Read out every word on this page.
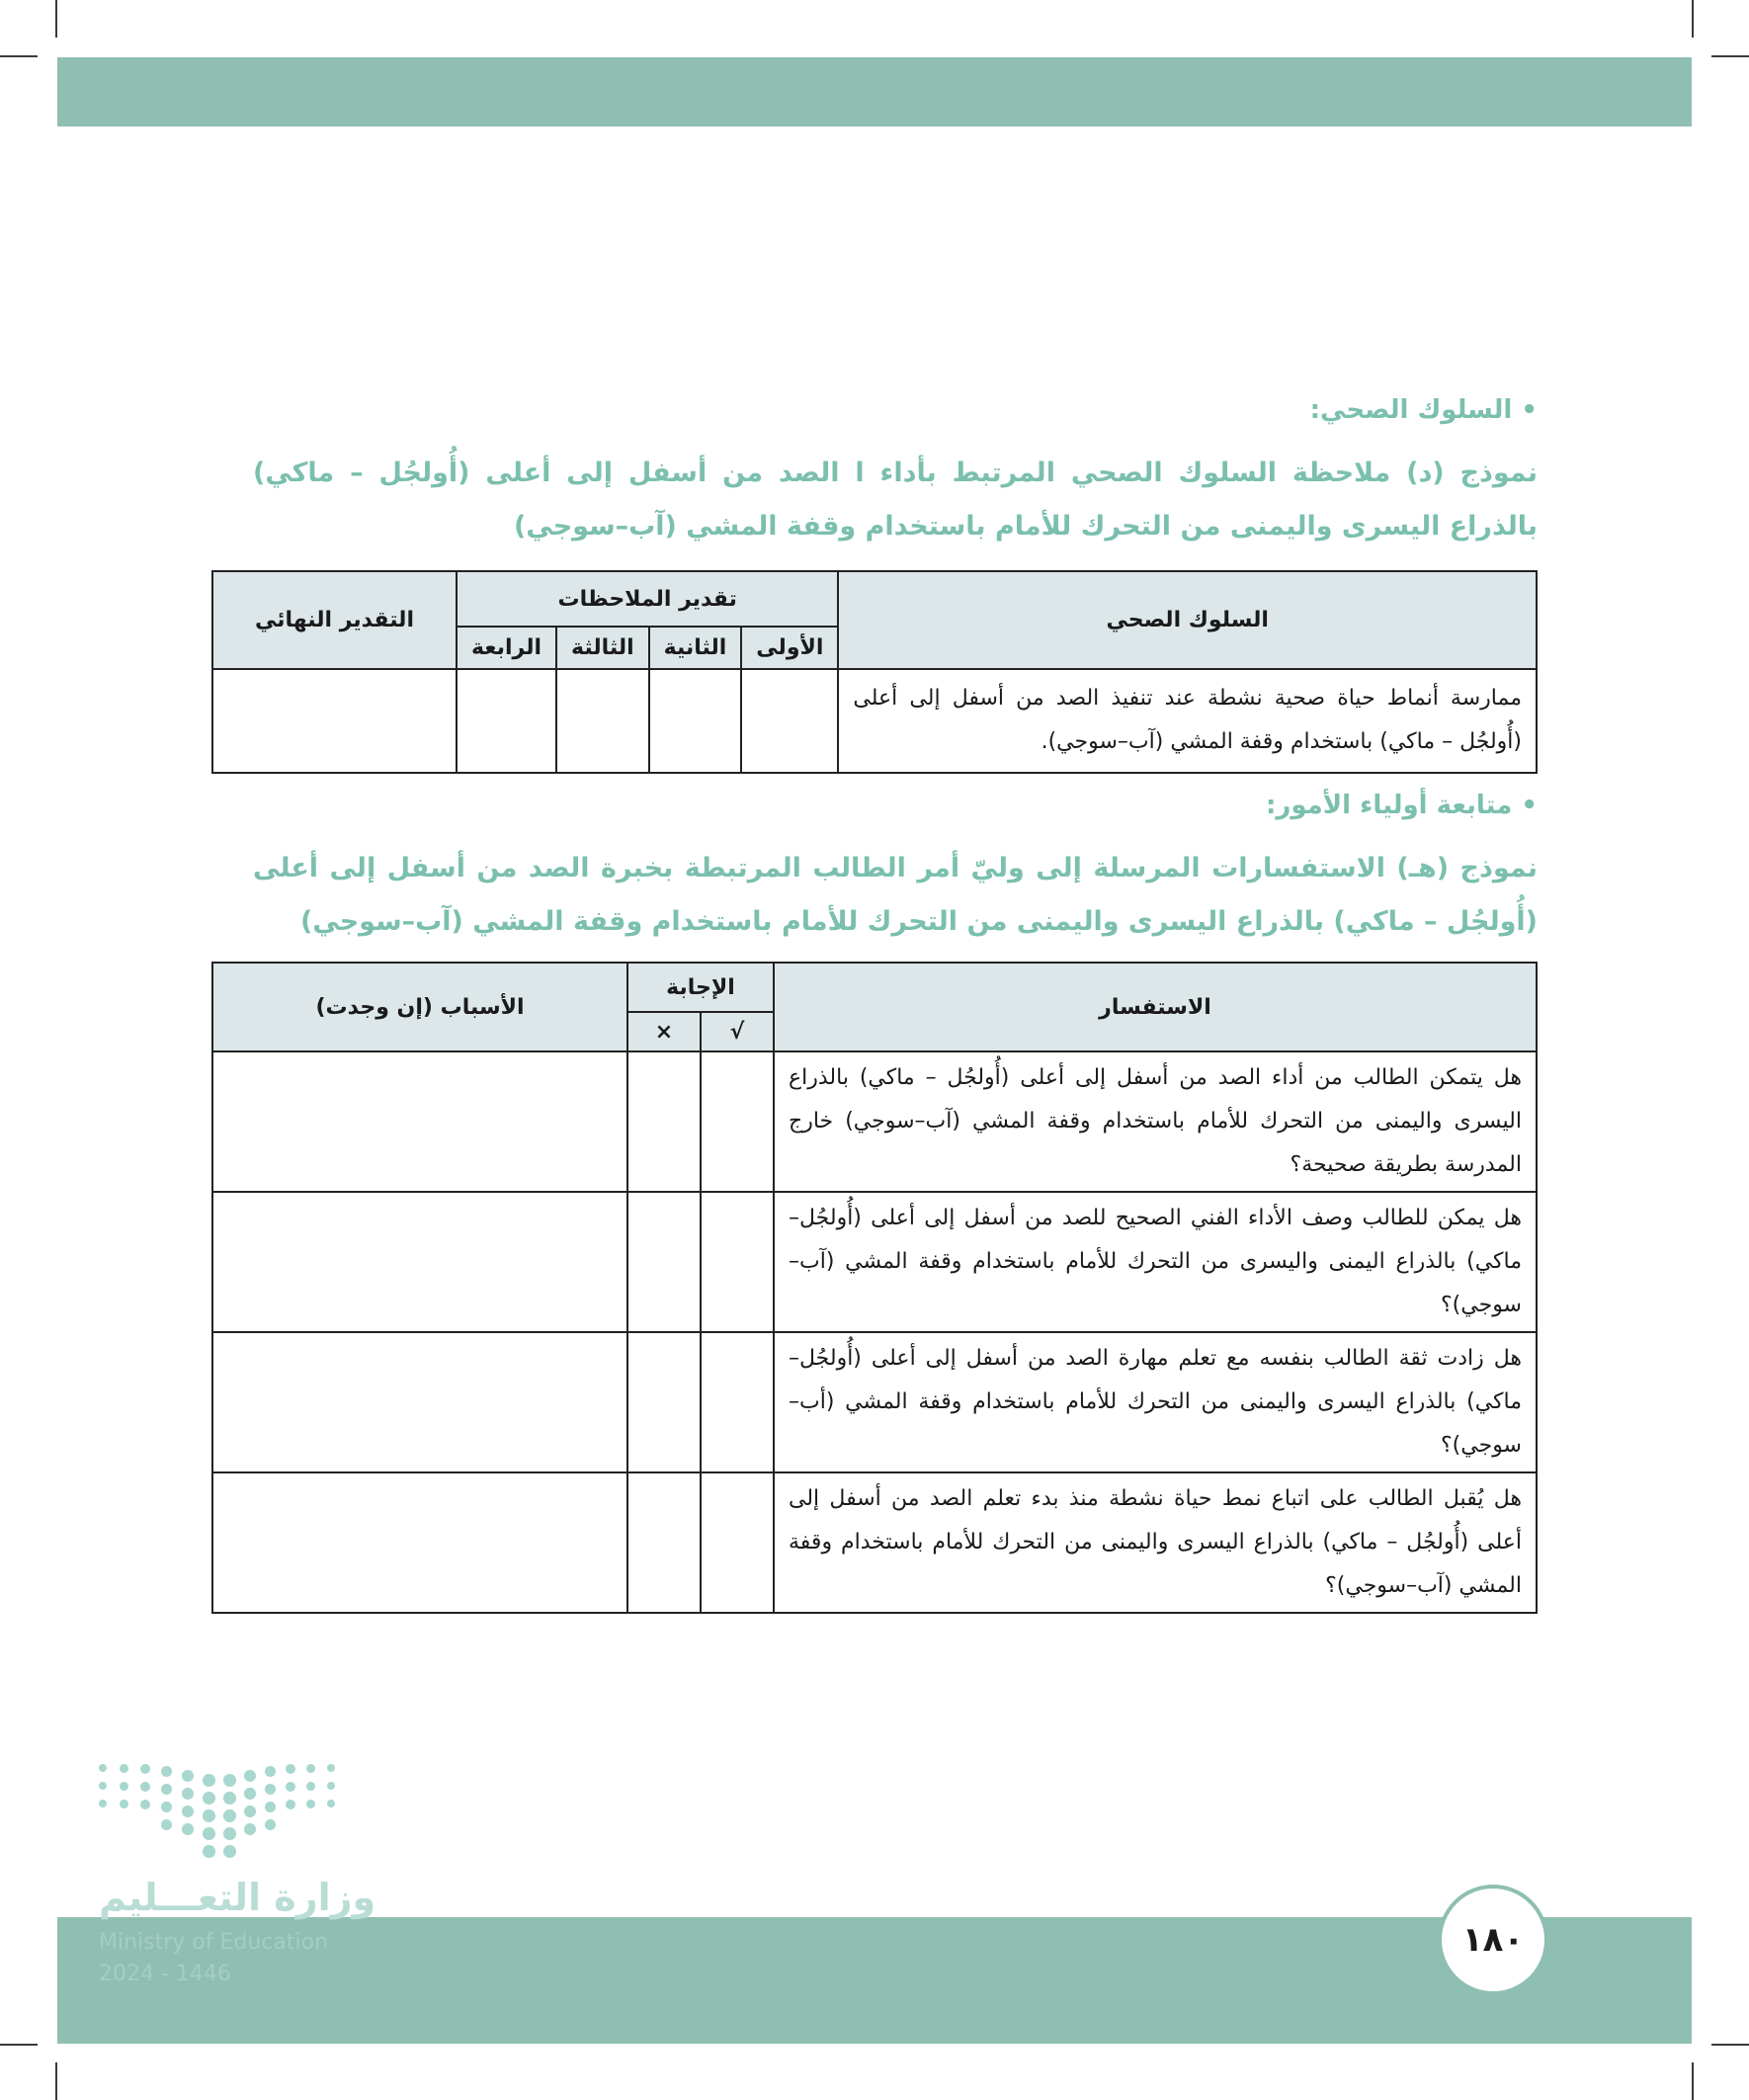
• السلوك الصحي:
نموذج (د) ملاحظة السلوك الصحي المرتبط بأداء ا الصد من أسفل إلى أعلى (أُولجُل – ماكي) بالذراع اليسرى واليمنى من التحرك للأمام باستخدام وقفة المشي (آب–سوجي)
السلوك الصحي	تقدير الملاحظات				التقدير النهائي
	الأولى	الثانية	الثالثة	الرابعة	
ممارسة أنماط حياة صحية نشطة عند تنفيذ الصد من أسفل إلى أعلى (أُولجُل – ماكي) باستخدام وقفة المشي (آب–سوجي).					
• متابعة أولياء الأمور:
نموذج (هـ) الاستفسارات المرسلة إلى وليّ أمر الطالب المرتبطة بخبرة الصد من أسفل إلى أعلى (أُولجُل – ماكي) بالذراع اليسرى واليمنى من التحرك للأمام باستخدام وقفة المشي (آب–سوجي)
الاستفسار	الإجابة		الأسباب (إن وجدت)
	√	×	
هل يتمكن الطالب من أداء الصد من أسفل إلى أعلى (أُولجُل – ماكي) بالذراع اليسرى واليمنى من التحرك للأمام باستخدام وقفة المشي (آب–سوجي) خارج المدرسة بطريقة صحيحة؟			
هل يمكن للطالب وصف الأداء الفني الصحيح للصد من أسفل إلى أعلى (أُولجُل– ماكي) بالذراع اليمنى واليسرى من التحرك للأمام باستخدام وقفة المشي (آب– سوجي)؟			
هل زادت ثقة الطالب بنفسه مع تعلم مهارة الصد من أسفل إلى أعلى (أُولجُل– ماكي) بالذراع اليسرى واليمنى من التحرك للأمام باستخدام وقفة المشي (أب– سوجي)؟			
هل يُقبل الطالب على اتباع نمط حياة نشطة منذ بدء تعلم الصد من أسفل إلى أعلى (أُولجُل – ماكي) بالذراع اليسرى واليمنى من التحرك للأمام باستخدام وقفة المشي (آب–سوجي)؟			
وزارة التعـــليم
Ministry of Education
2024 - 1446
١٨٠
